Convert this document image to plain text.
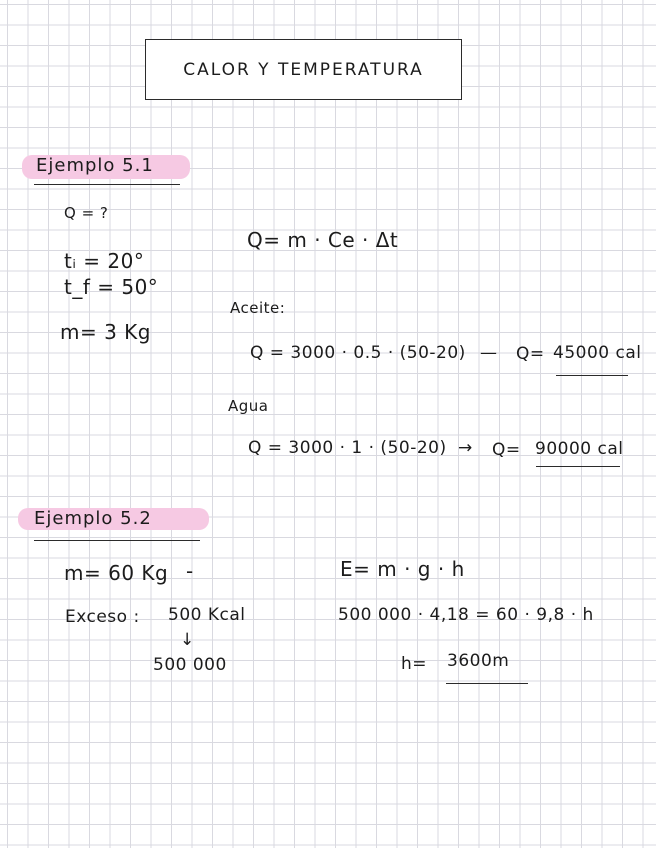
CALOR Y TEMPERATURA
Ejemplo 5.1
Q = ?
tᵢ = 20°
t_f = 50°
m= 3 Kg
Q= m · Ce · Δt
Aceite:
Q = 3000 · 0.5 · (50-20) — Q= 45000 cal
Agua
Q = 3000 · 1 · (50-20) → Q= 90000 cal
Ejemplo 5.2
m= 60 Kg -
Exceso : 500 Kcal
↓
500 000
E= m · g · h
500 000 · 4,18 = 60 · 9,8 · h
h= 3600m
